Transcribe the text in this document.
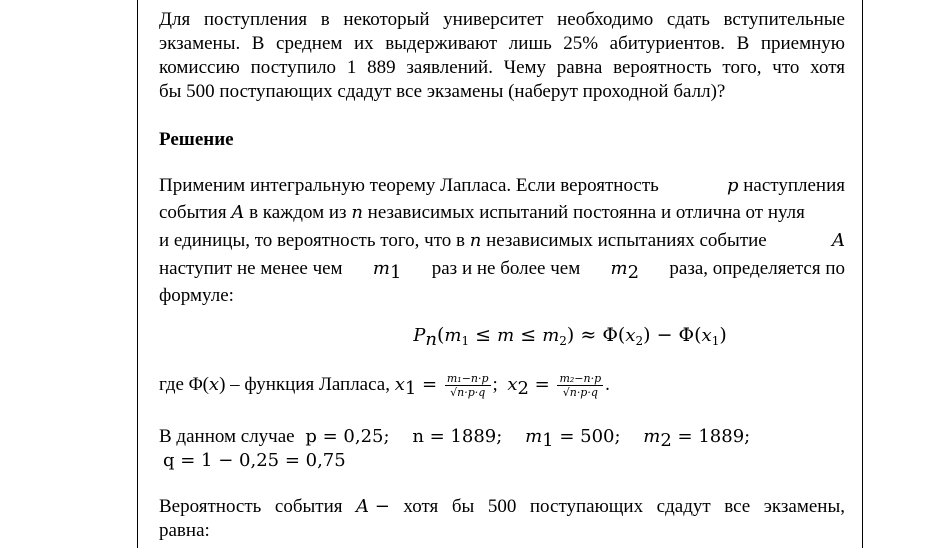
Для поступления в некоторый университет необходимо сдать вступительные
экзамены. В среднем их выдерживают лишь 25% абитуриентов. В приемную
комиссию поступило 1 889 заявлений. Чему равна вероятность того, что хотя
бы 500 поступающих сдадут все экзамены (наберут проходной балл)?
Решение
Применим интегральную теорему Лапласа. Если вероятность	p наступления
события A в каждом из n независимых испытаний постоянна и отлична от нуля
и единицы, то вероятность того, что в n независимых испытаниях событие	A
наступит не менее чем $m_1$ раз и не более чем $m_2$ раза, определяется по
формуле:
$P_n(m_1 \le m \le m_2) \approx \Phi(x_2) - \Phi(x_1)$
где Φ(x) – функция Лапласа, $x_1 = \frac{\text{m₁−n·p}}{√n\cdot p\cdot q}$ ; $x_2 = \frac{\text{m₂−n·p}}{√n\cdot p\cdot q}$ .
В данном случае p = 0,25; n = 1889; $m_1 = 500$; $m_2 = 1889$;
q = 1 − 0,25 = 0,75
Вероятность события A − хотя бы 500 поступающих сдадут все экзамены,
равна:
